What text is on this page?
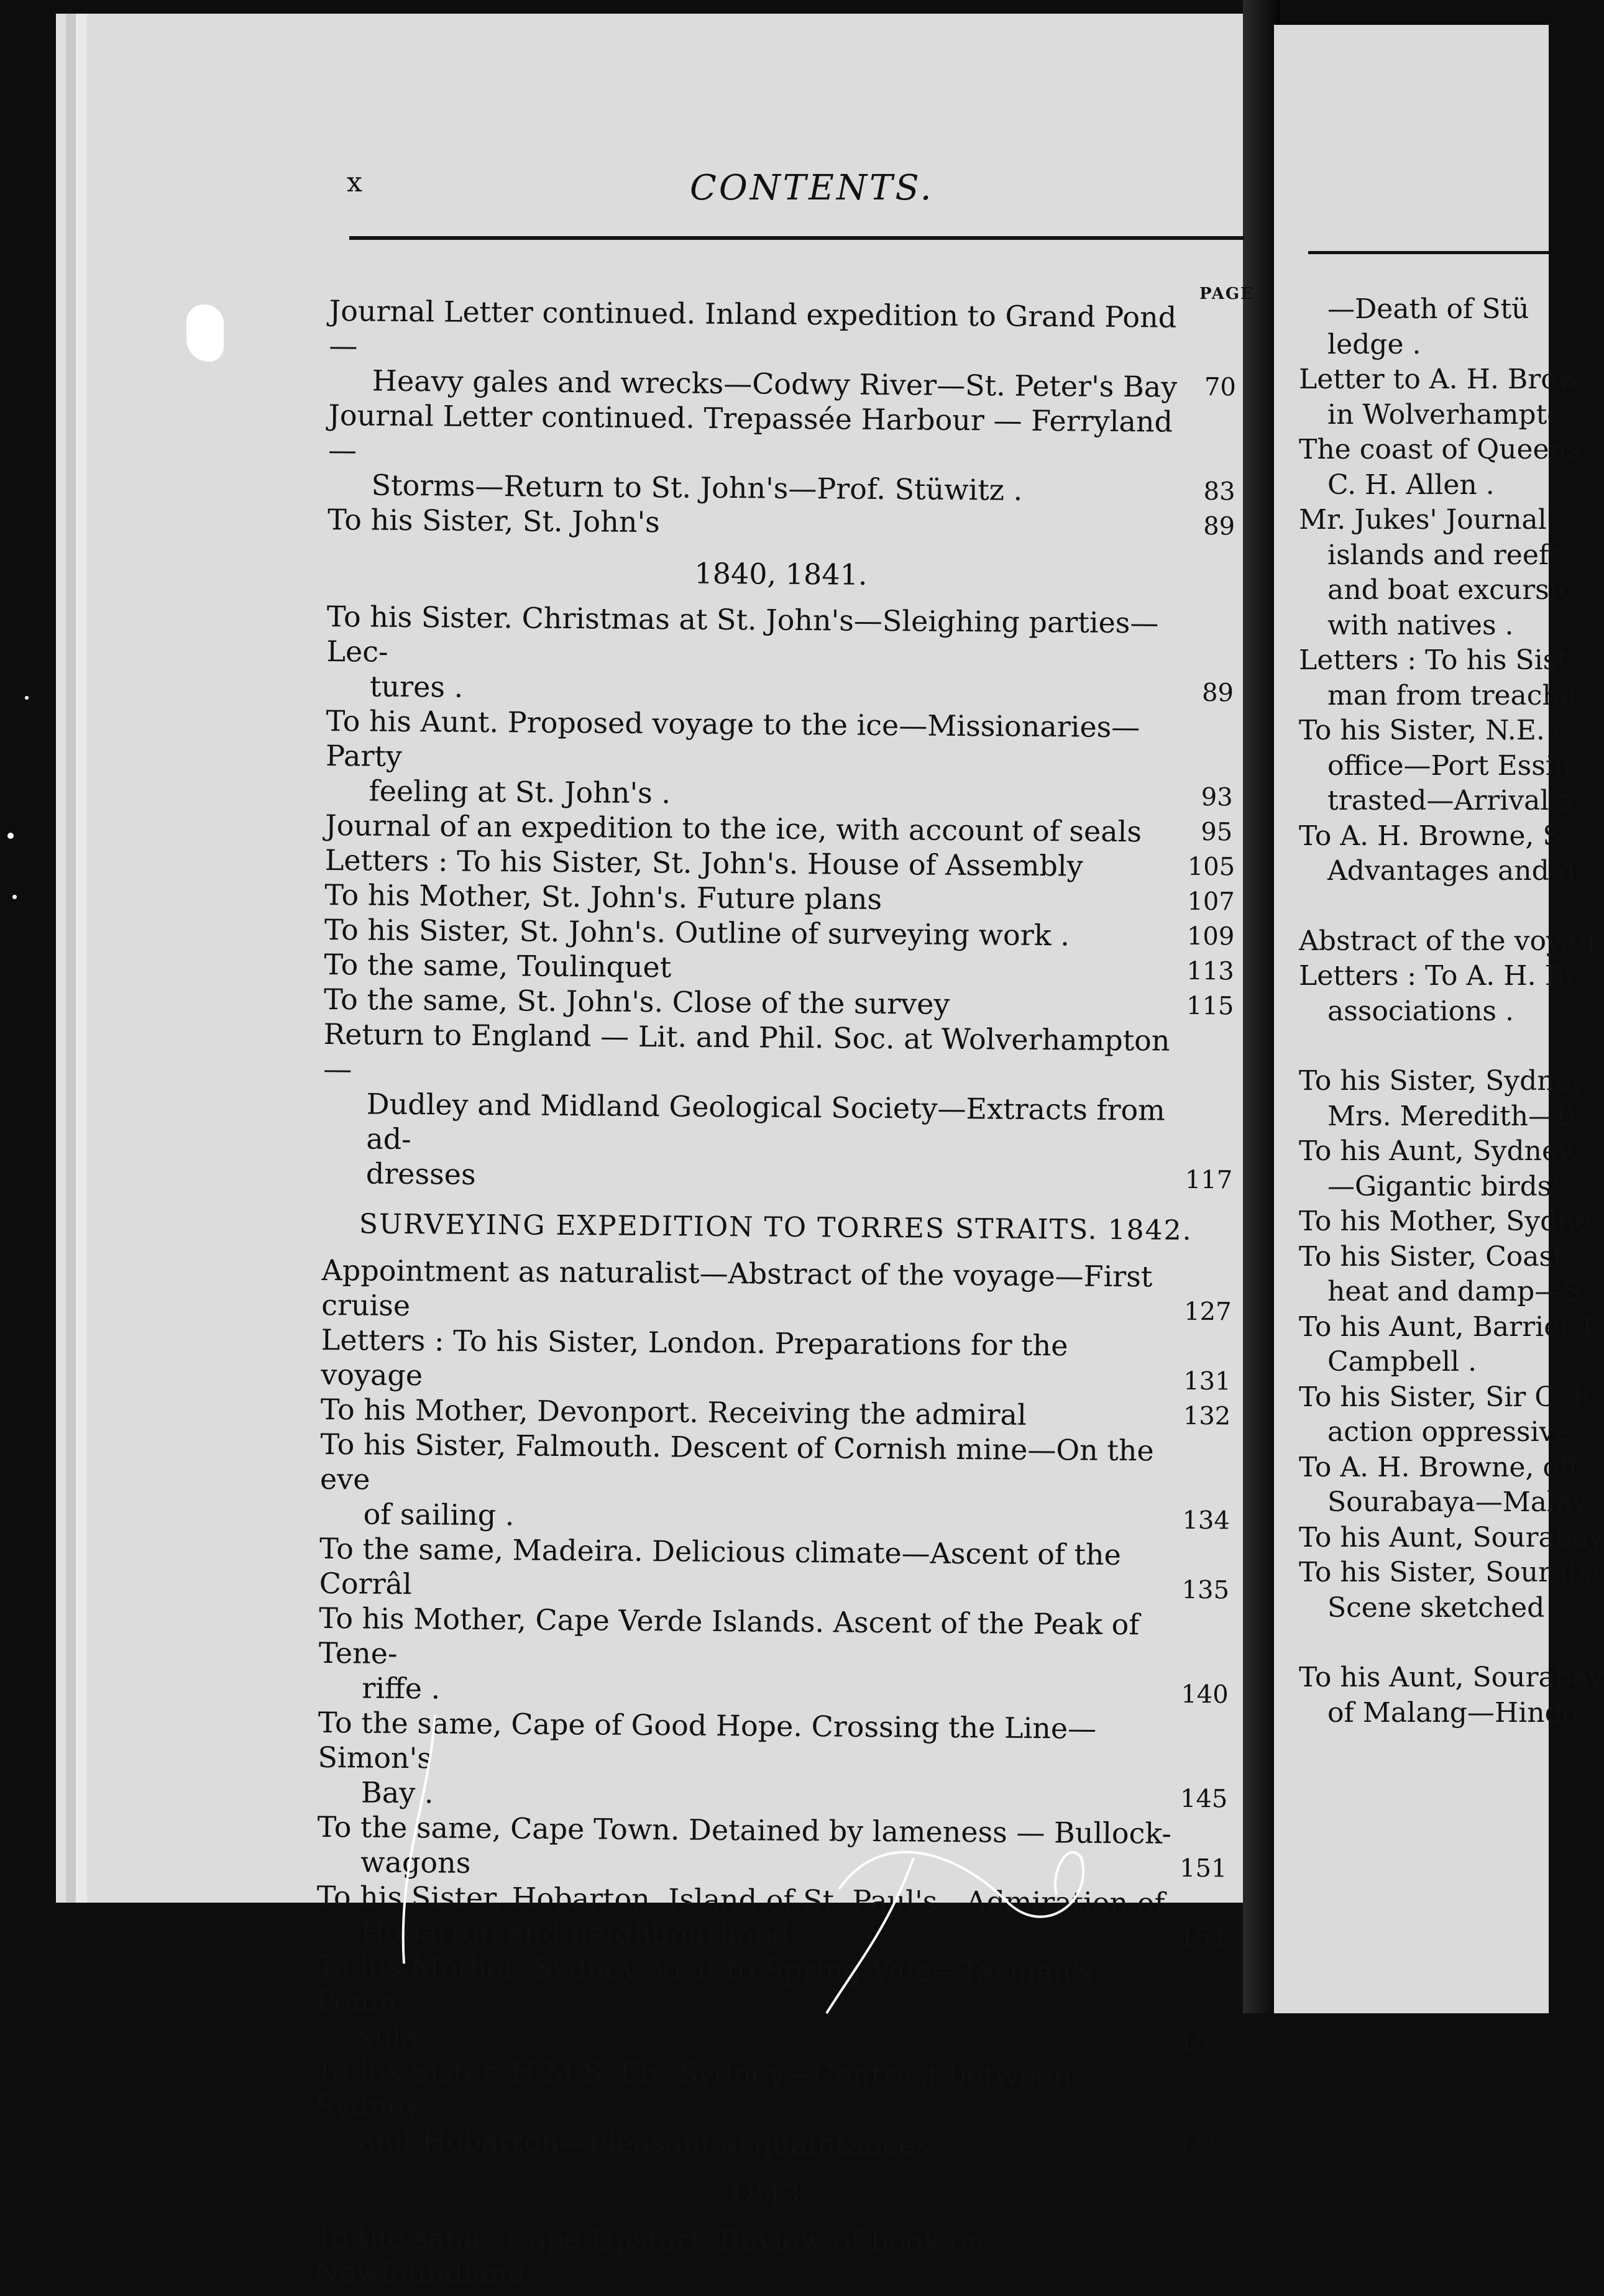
x	CONTENTS.
PAGE
Journal Letter continued. Inland expedition to Grand Pond—

Heavy gales and wrecks—Codwy River—St. Peter's Bay	70
Journal Letter continued. Trepassée Harbour — Ferryland —

Storms—Return to St. John's—Prof. Stüwitz .	83
To his Sister, St. John's	89
1840, 1841.
To his Sister. Christmas at St. John's—Sleighing parties—Lec-

tures .	89
To his Aunt. Proposed voyage to the ice—Missionaries—Party

feeling at St. John's .	93
Journal of an expedition to the ice, with account of seals	95
Letters : To his Sister, St. John's. House of Assembly	105
To his Mother, St. John's. Future plans	107
To his Sister, St. John's. Outline of surveying work .	109
To the same, Toulinquet	113
To the same, St. John's. Close of the survey	115
Return to England — Lit. and Phil. Soc. at Wolverhampton —

Dudley and Midland Geological Society—Extracts from ad-
dresses	117
SURVEYING EXPEDITION TO TORRES STRAITS. 1842.
Appointment as naturalist—Abstract of the voyage—First cruise	127
Letters : To his Sister, London. Preparations for the voyage	131
To his Mother, Devonport. Receiving the admiral	132
To his Sister, Falmouth. Descent of Cornish mine—On the eve

of sailing .	134
To the same, Madeira. Delicious climate—Ascent of the Corrâl	135
To his Mother, Cape Verde Islands. Ascent of the Peak of Tene-

riffe .	140
To the same, Cape of Good Hope. Crossing the Line—Simon's

Bay .	145
To the same, Cape Town. Detained by lameness — Bullock-

wagons	151
To his Sister, Hobarton. Island of St. Paul's—Admiration of

Hobarton and neighbourhood .	154
To his Mother, Sydney. Visit to Spring Vale—Tasman's Penin-

sula .	157
To his Sister, H.M.S. Fly. Sydney—Contrast between Sydney

and Hobarton—Pleasant acquaintances .	159
1843.
To the same, Cape Upstart. Review of book on Newfoundland
—Death of Stü
ledge .
Letter to A. H. Brow
in Wolverhampto
The coast of Queens
C. H. Allen .
Mr. Jukes' Journal
islands and reefs
and boat excursio
with natives .
Letters : To his Sist
man from treache
To his Sister, N.E. c
office—Port Essin
trasted—Arrival a
To A. H. Browne, S
Advantages and d
Abstract of the voyag
Letters : To A. H. Br
associations .
To his Sister, Sydney
Mrs. Meredith—B
To his Aunt, Sydney.
—Gigantic birds'
To his Mother, Sydne
To his Sister, Coast
heat and damp—S
To his Aunt, Barrier I
Campbell .
To his Sister, Sir C. F
action oppressive
To A. H. Browne, off
Sourabaya—Malay
To his Aunt, Sourabay
To his Sister, Souraba
Scene sketched .
To his Aunt, Sourabay
of Malang—Hindo
